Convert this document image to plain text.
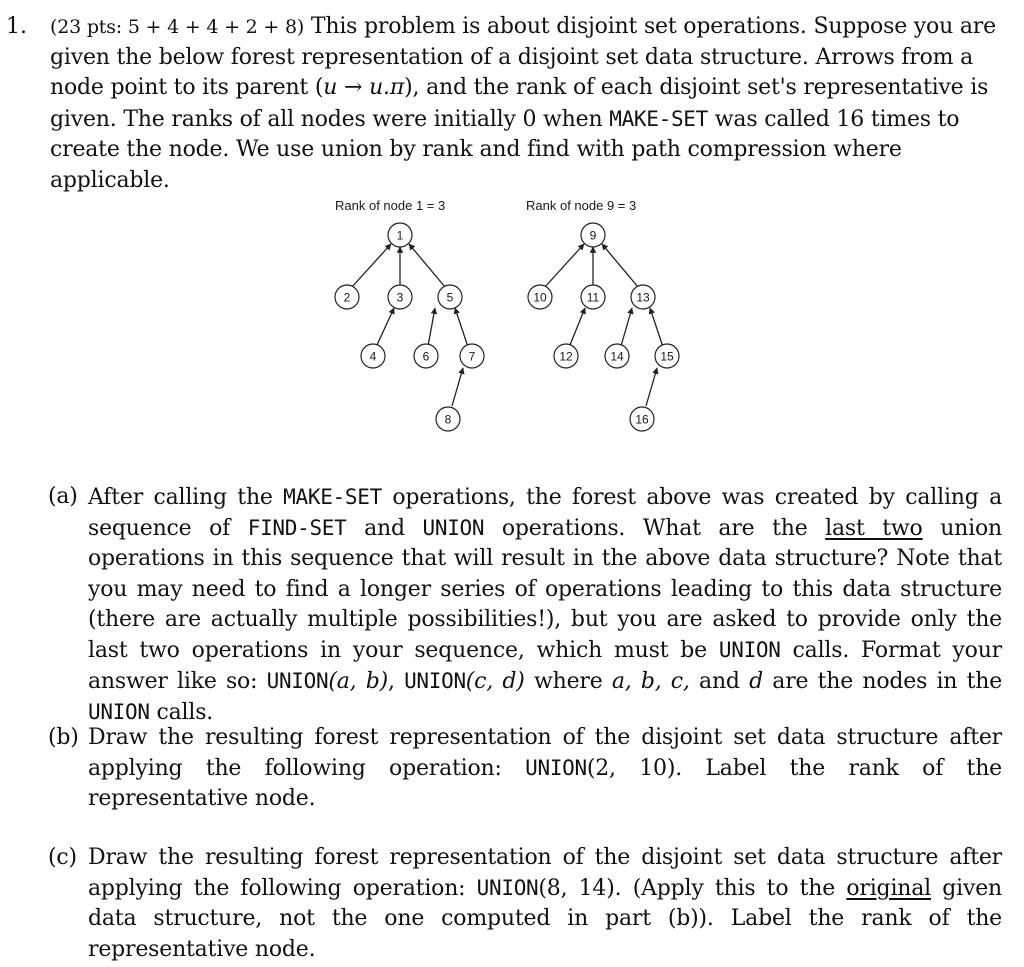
1. (23 pts: 5 + 4 + 4 + 2 + 8) This problem is about disjoint set operations. Suppose you are given the below forest representation of a disjoint set data structure. Arrows from a node point to its parent (u → u.π), and the rank of each disjoint set's representative is given. The ranks of all nodes were initially 0 when MAKE-SET was called 16 times to create the node. We use union by rank and find with path compression where applicable.
Rank of node 1 = 3	Rank of node 9 = 3
1
2	3	5
4	6	7
8
9
10	11	13
12	14	15
16
(a) After calling the MAKE-SET operations, the forest above was created by calling a sequence of FIND-SET and UNION operations. What are the last two union operations in this sequence that will result in the above data structure? Note that you may need to find a longer series of operations leading to this data structure (there are actually multiple possibilities!), but you are asked to provide only the last two operations in your sequence, which must be UNION calls. Format your answer like so: UNION(a, b), UNION(c, d) where a, b, c, and d are the nodes in the UNION calls.
(b) Draw the resulting forest representation of the disjoint set data structure after applying the following operation: UNION(2, 10). Label the rank of the representative node.
(c) Draw the resulting forest representation of the disjoint set data structure after applying the following operation: UNION(8, 14). (Apply this to the original given data structure, not the one computed in part (b)). Label the rank of the representative node.
